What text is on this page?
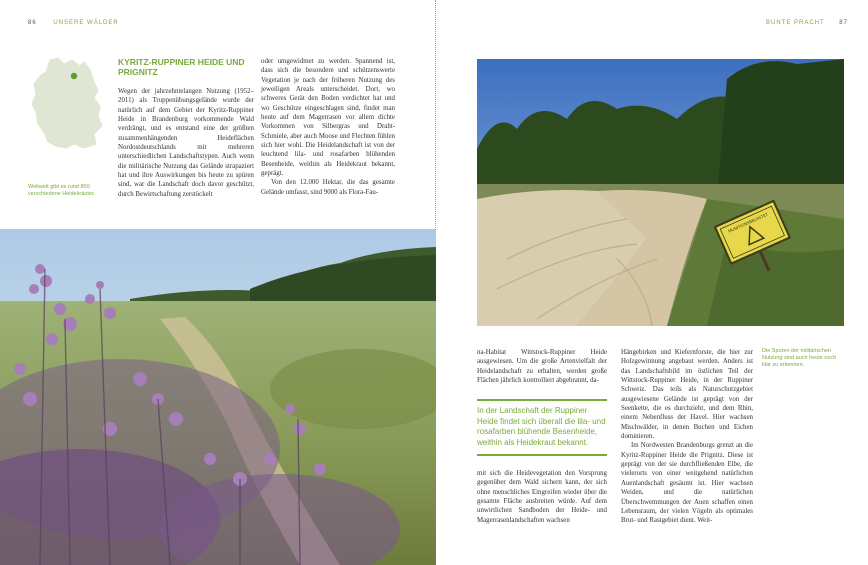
86	UNSERE WÄLDER
Weltweit gibt es rund 850 verschiedene Heidekräuter.
KYRITZ-RUPPINER HEIDE UND PRIGNITZ

Wegen der jahrzehntelangen Nutzung (1952–2011) als Truppenübungsgelände wurde der natürlich auf dem Gebiet der Kyritz-Ruppiner Heide in Brandenburg vorkommende Wald verdrängt, und es entstand eine der größten zusammenhängenden Heideflächen Nordostdeutschlands mit mehreren unterschiedlichen Landschaftstypen. Auch wenn die militärische Nutzung das Gelände strapaziert hat und ihre Auswirkungen bis heute zu spüren sind, war die Landschaft doch davor geschützt, durch Bewirtschaftung zerstückelt

oder umgewidmet zu werden. Spannend ist, dass sich die besondere und schützenswerte Vegetation je nach der früheren Nutzung des jeweiligen Areals unterscheidet. Dort, wo schweres Gerät den Boden verdichtet hat und wo Geschütze eingeschlagen sind, findet man heute auf dem Magerrasen vor allem dichte Vorkommen von Silbergras und Draht-Schmiele, aber auch Moose und Flechten fühlen sich hier wohl. Die Heidelandschaft ist von der leuchtend lila- und rosafarben blühenden Besenheide, weithin als Heidekraut bekannt, geprägt.

Von den 12.000 Hektar, die das gesamte Gelände umfasst, sind 9000 als Flora-Fau-

BUNTE PRACHT 87
MUNITIONSBELASTET
Die Spuren der militärischen Nutzung sind auch heute noch klar zu erkennen.

na-Habitat Wittstock-Ruppiner Heide ausgewiesen. Um die große Artenvielfalt der Heidelandschaft zu erhalten, werden große Flächen jährlich kontrolliert abgebrannt, da-

In der Landschaft der Ruppiner Heide findet sich überall die lila- und rosafarben blühende Besenheide, weithin als Heidekraut bekannt.

mit sich die Heidevegetation den Vorsprung gegenüber dem Wald sichern kann, der sich ohne menschliches Eingreifen wieder über die gesamte Fläche ausbreiten würde. Auf dem unwirtlichen Sandboden der Heide- und Magerrasenlandschaften wachsen

Hängebirken und Kiefernforste, die hier zur Holzgewinnung angebaut werden. Anders ist das Landschaftsbild im östlichen Teil der Wittstock-Ruppiner Heide, in der Ruppiner Schweiz. Das teils als Naturschutzgebiet ausgewiesene Gelände ist geprägt von der Seenkette, die es durchzieht, und dem Rhin, einem Nebenfluss der Havel. Hier wachsen Mischwälder, in denen Buchen und Eichen dominieren.

Im Nordwesten Brandenburgs grenzt an die Kyritz-Ruppiner Heide die Prignitz. Diese ist geprägt von der sie durchfließenden Elbe, die vielerorts von einer weitgehend natürlichen Auenlandschaft gesäumt ist. Hier wachsen Weiden, und die natürlichen Überschwemmungen der Auen schaffen einen Lebensraum, der vielen Vögeln als optimales Brut- und Rastgebiet dient. Weit-
